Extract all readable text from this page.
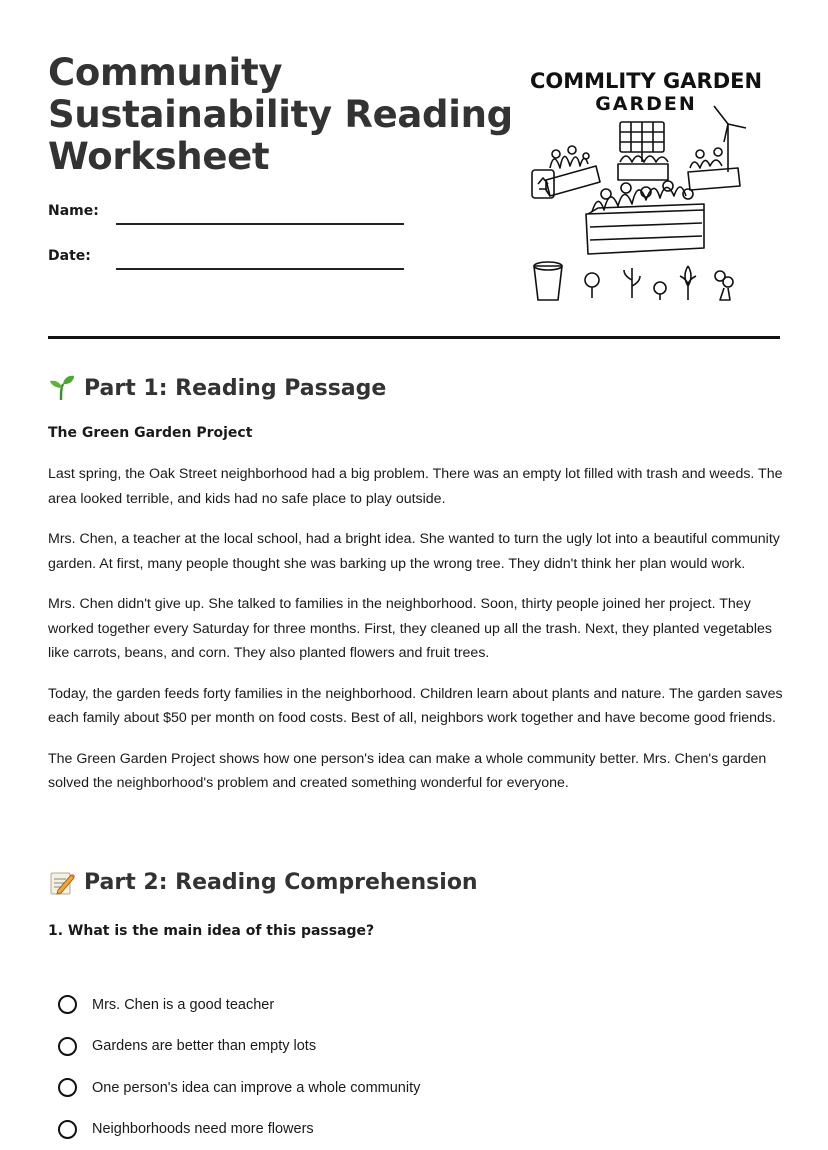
Community Sustainability Reading Worksheet
Name:
Date:
COMMLITY GARDEN
GARDEN
Part 1: Reading Passage
The Green Garden Project

Last spring, the Oak Street neighborhood had a big problem. There was an empty lot filled with trash and weeds. The area looked terrible, and kids had no safe place to play outside.

Mrs. Chen, a teacher at the local school, had a bright idea. She wanted to turn the ugly lot into a beautiful community garden. At first, many people thought she was barking up the wrong tree. They didn't think her plan would work.

Mrs. Chen didn't give up. She talked to families in the neighborhood. Soon, thirty people joined her project. They worked together every Saturday for three months. First, they cleaned up all the trash. Next, they planted vegetables like carrots, beans, and corn. They also planted flowers and fruit trees.

Today, the garden feeds forty families in the neighborhood. Children learn about plants and nature. The garden saves each family about $50 per month on food costs. Best of all, neighbors work together and have become good friends.

The Green Garden Project shows how one person's idea can make a whole community better. Mrs. Chen's garden solved the neighborhood's problem and created something wonderful for everyone.

Part 2: Reading Comprehension
1. What is the main idea of this passage?
Mrs. Chen is a good teacher
Gardens are better than empty lots
One person's idea can improve a whole community
Neighborhoods need more flowers
